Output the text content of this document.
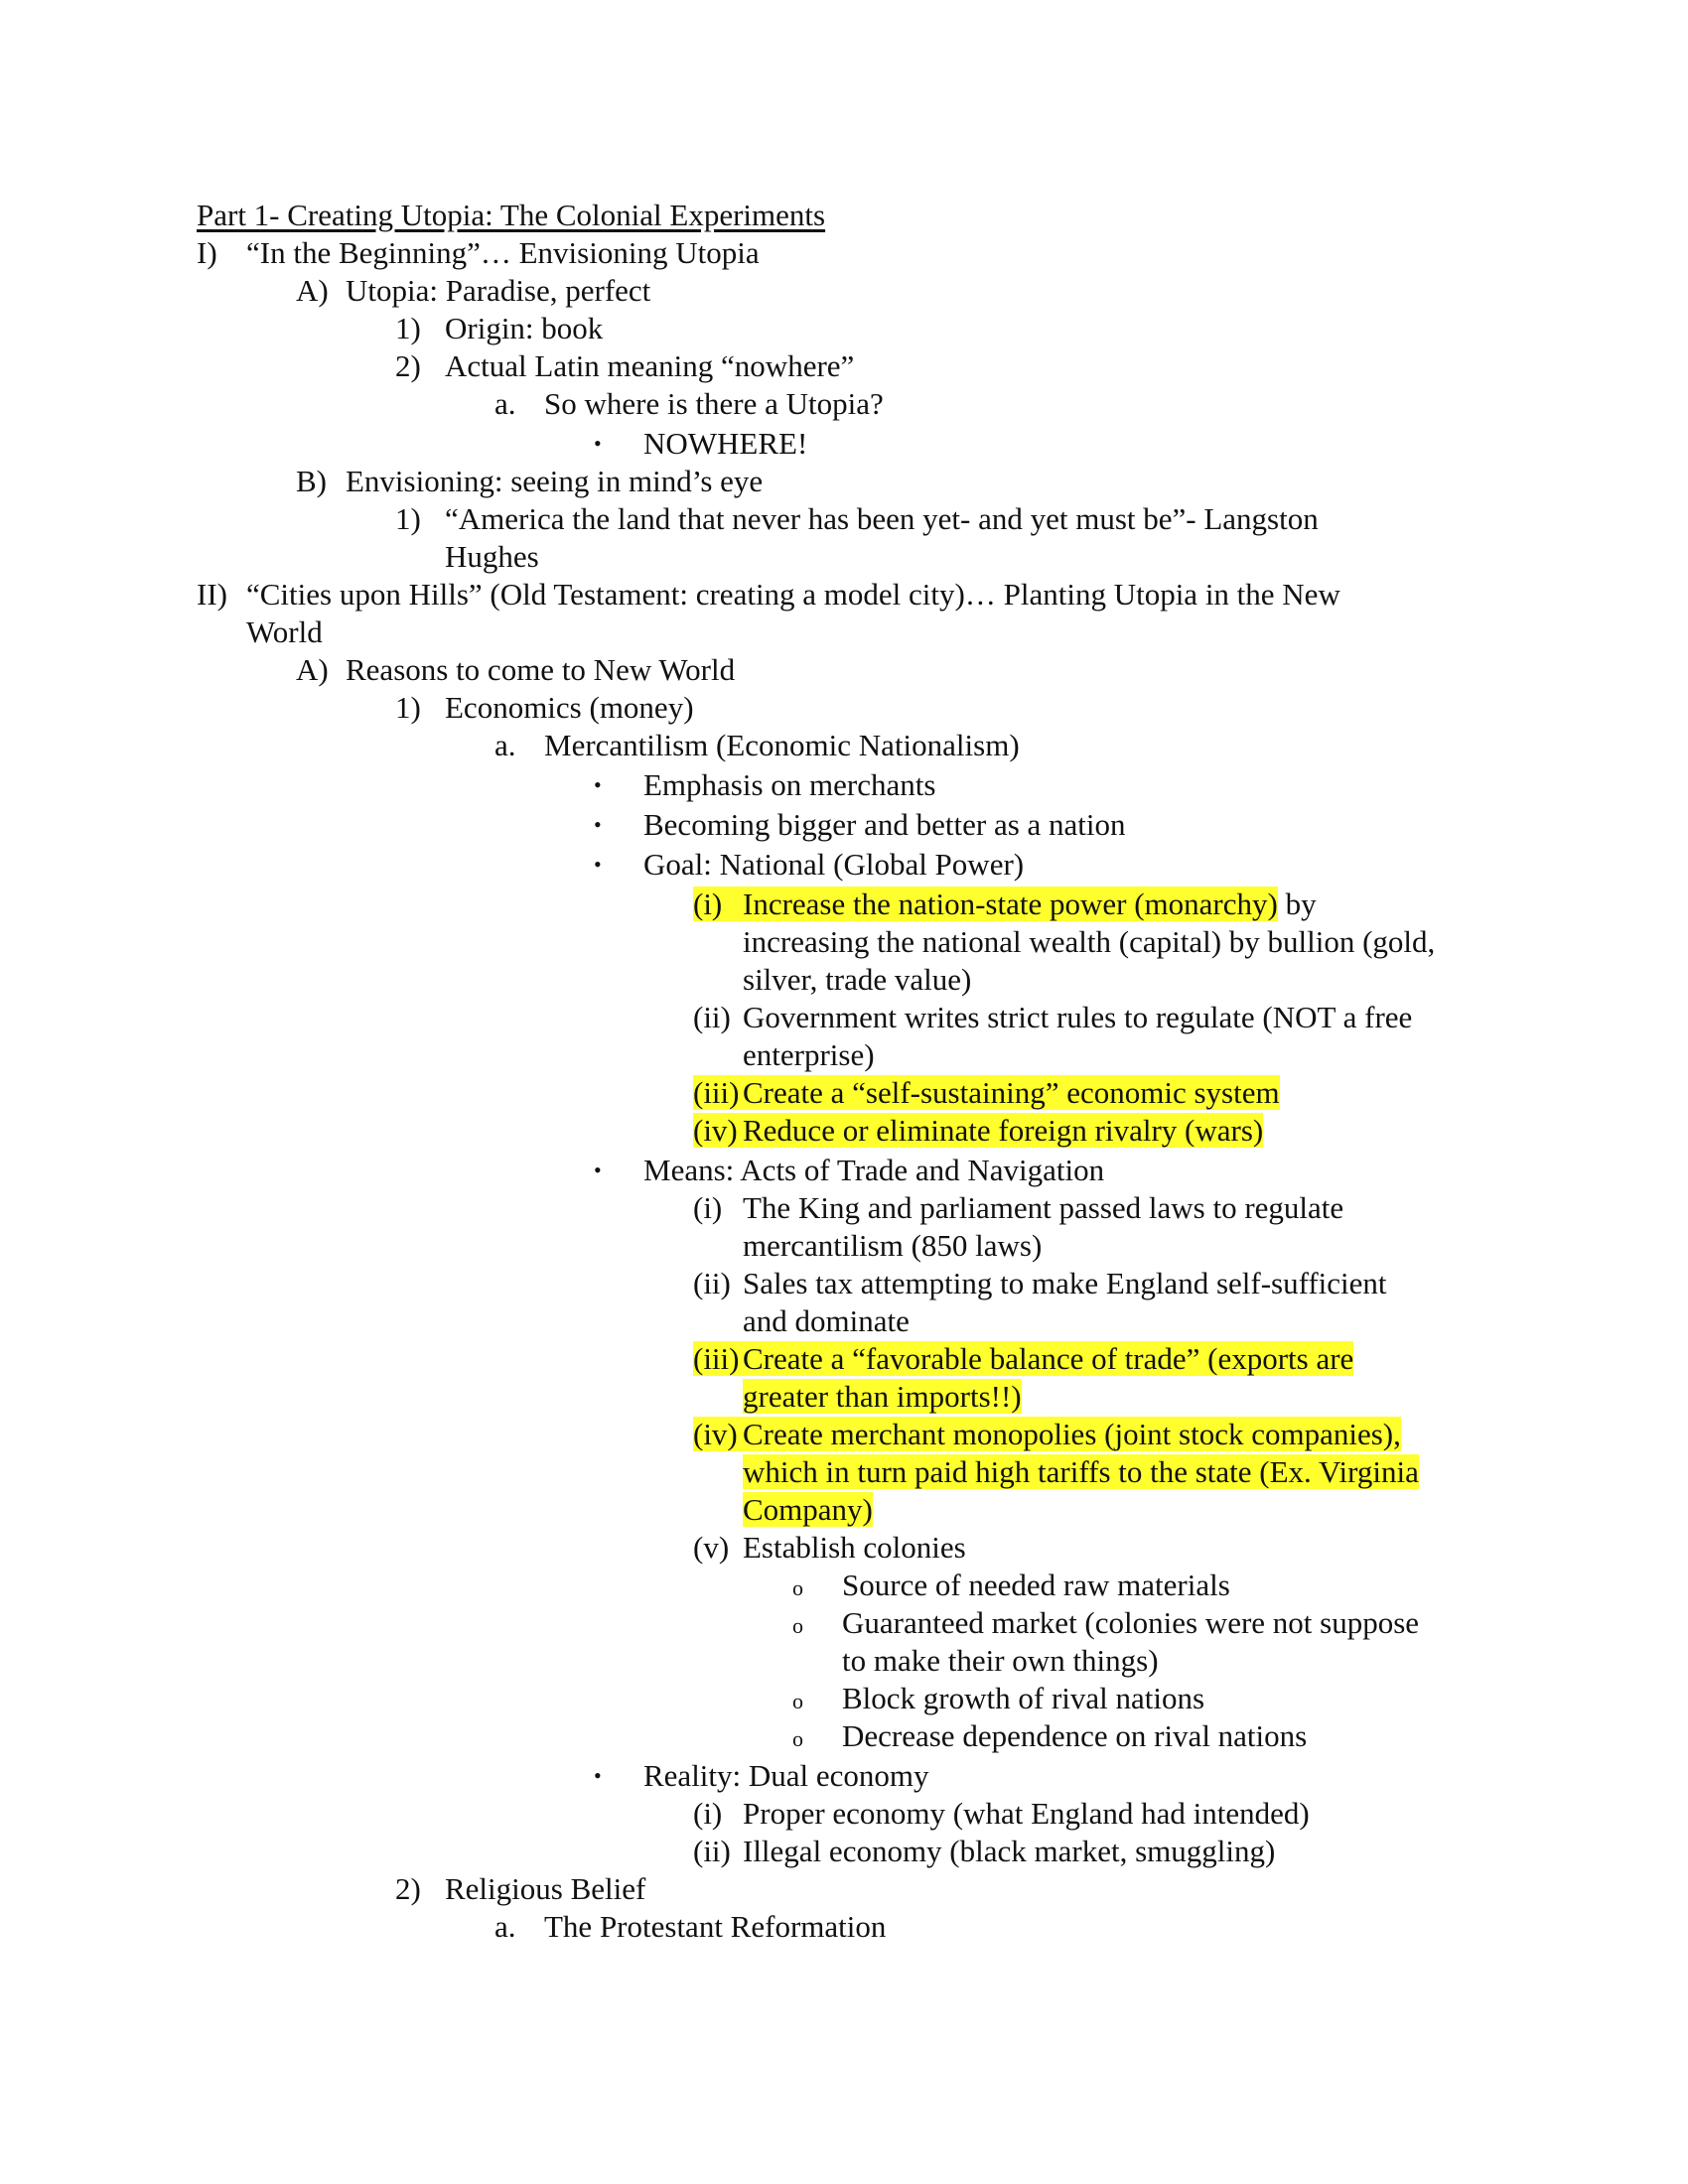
Part 1- Creating Utopia: The Colonial Experiments
I) “In the Beginning”… Envisioning Utopia
A) Utopia: Paradise, perfect
1) Origin: book
2) Actual Latin meaning “nowhere”
a. So where is there a Utopia?
• NOWHERE!
B) Envisioning: seeing in mind’s eye
1) “America the land that never has been yet- and yet must be”- Langston
Hughes
II) “Cities upon Hills” (Old Testament: creating a model city)… Planting Utopia in the New
World
A) Reasons to come to New World
1) Economics (money)
a. Mercantilism (Economic Nationalism)
• Emphasis on merchants
• Becoming bigger and better as a nation
• Goal: National (Global Power)
(i) Increase the nation-state power (monarchy) by
increasing the national wealth (capital) by bullion (gold,
silver, trade value)
(ii) Government writes strict rules to regulate (NOT a free
enterprise)
(iii) Create a “self-sustaining” economic system
(iv) Reduce or eliminate foreign rivalry (wars)
• Means: Acts of Trade and Navigation
(i) The King and parliament passed laws to regulate
mercantilism (850 laws)
(ii) Sales tax attempting to make England self-sufficient
and dominate
(iii) Create a “favorable balance of trade” (exports are
greater than imports!!)
(iv) Create merchant monopolies (joint stock companies),
which in turn paid high tariffs to the state (Ex. Virginia
Company)
(v) Establish colonies
o Source of needed raw materials
o Guaranteed market (colonies were not suppose
to make their own things)
o Block growth of rival nations
o Decrease dependence on rival nations
• Reality: Dual economy
(i) Proper economy (what England had intended)
(ii) Illegal economy (black market, smuggling)
2) Religious Belief
a. The Protestant Reformation
